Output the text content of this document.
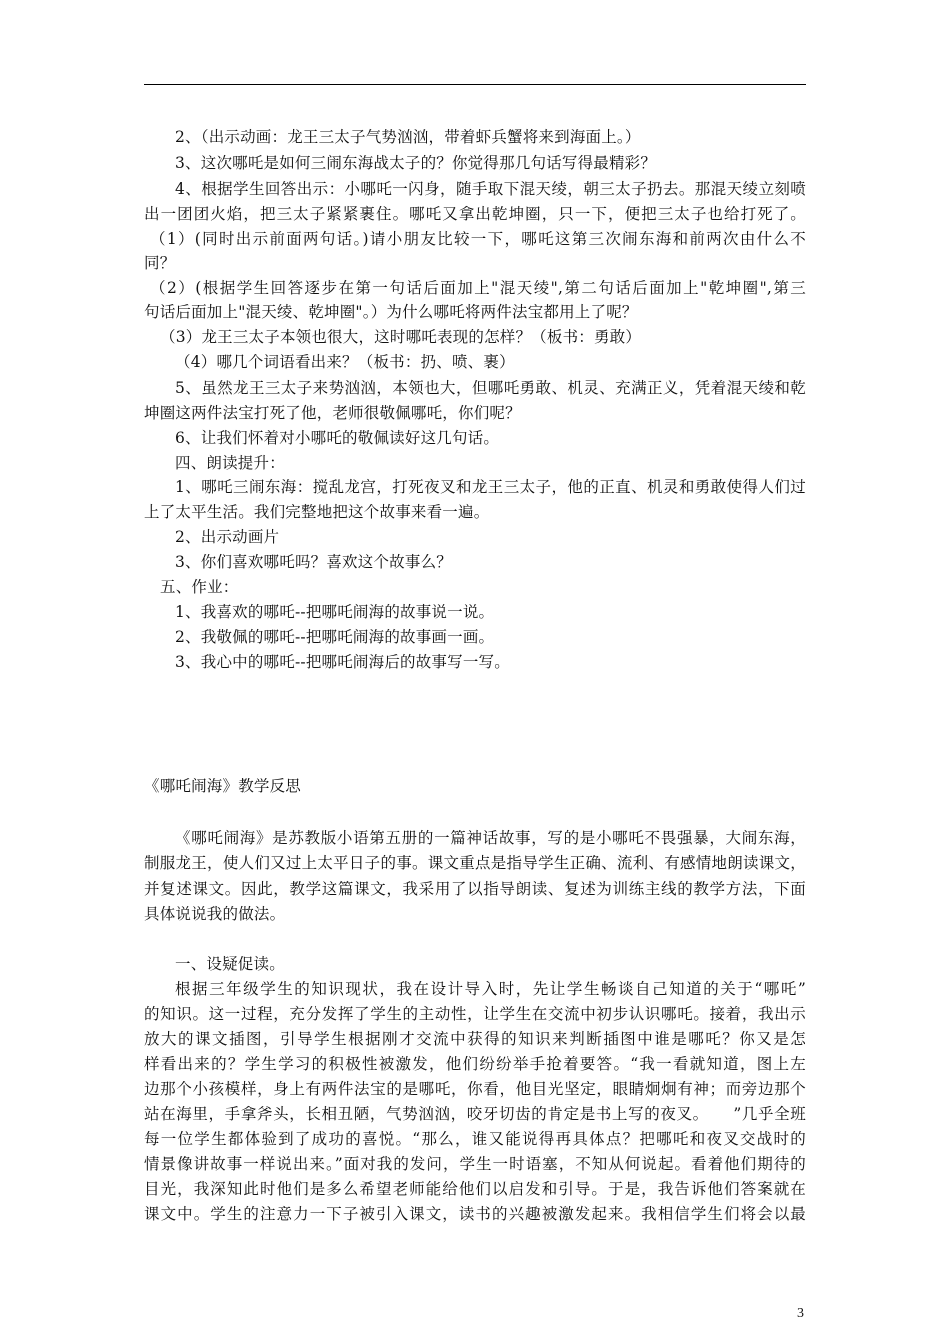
2、（出示动画：龙王三太子气势汹汹，带着虾兵蟹将来到海面上。）
3、这次哪吒是如何三闹东海战太子的？你觉得那几句话写得最精彩？
4、根据学生回答出示：小哪吒一闪身，随手取下混天绫，朝三太子扔去。那混天绫立刻喷
出一团团火焰，把三太子紧紧裹住。哪吒又拿出乾坤圈，只一下，便把三太子也给打死了。
（1）(同时出示前面两句话。)请小朋友比较一下，哪吒这第三次闹东海和前两次由什么不
同？
（2）(根据学生回答逐步在第一句话后面加上"混天绫",第二句话后面加上"乾坤圈",第三
句话后面加上"混天绫、乾坤圈"。）为什么哪吒将两件法宝都用上了呢？
（3）龙王三太子本领也很大，这时哪吒表现的怎样？（板书：勇敢）
（4）哪几个词语看出来？（板书：扔、喷、裹）
5、虽然龙王三太子来势汹汹，本领也大，但哪吒勇敢、机灵、充满正义，凭着混天绫和乾
坤圈这两件法宝打死了他，老师很敬佩哪吒，你们呢？
6、让我们怀着对小哪吒的敬佩读好这几句话。
四、朗读提升：
1、哪吒三闹东海：搅乱龙宫，打死夜叉和龙王三太子，他的正直、机灵和勇敢使得人们过
上了太平生活。我们完整地把这个故事来看一遍。
2、出示动画片
3、你们喜欢哪吒吗？喜欢这个故事么？
五、作业：
1、我喜欢的哪吒--把哪吒闹海的故事说一说。
2、我敬佩的哪吒--把哪吒闹海的故事画一画。
3、我心中的哪吒--把哪吒闹海后的故事写一写。
《哪吒闹海》教学反思
《哪吒闹海》是苏教版小语第五册的一篇神话故事，写的是小哪吒不畏强暴，大闹东海，
制服龙王，使人们又过上太平日子的事。课文重点是指导学生正确、流利、有感情地朗读课文，
并复述课文。因此，教学这篇课文，我采用了以指导朗读、复述为训练主线的教学方法，下面
具体说说我的做法。
一、设疑促读。
根据三年级学生的知识现状，我在设计导入时，先让学生畅谈自己知道的关于“哪吒”
的知识。这一过程，充分发挥了学生的主动性，让学生在交流中初步认识哪吒。接着，我出示
放大的课文插图，引导学生根据刚才交流中获得的知识来判断插图中谁是哪吒？你又是怎
样看出来的？学生学习的积极性被激发，他们纷纷举手抢着要答。“我一看就知道，图上左
边那个小孩模样，身上有两件法宝的是哪吒，你看，他目光坚定，眼睛炯炯有神；而旁边那个
站在海里，手拿斧头，长相丑陋，气势汹汹，咬牙切齿的肯定是书上写的夜叉。　　”几乎全班
每一位学生都体验到了成功的喜悦。“那么，谁又能说得再具体点？把哪吒和夜叉交战时的
情景像讲故事一样说出来。”面对我的发问，学生一时语塞，不知从何说起。看着他们期待的
目光，我深知此时他们是多么希望老师能给他们以启发和引导。于是，我告诉他们答案就在
课文中。学生的注意力一下子被引入课文，读书的兴趣被激发起来。我相信学生们将会以最
3
